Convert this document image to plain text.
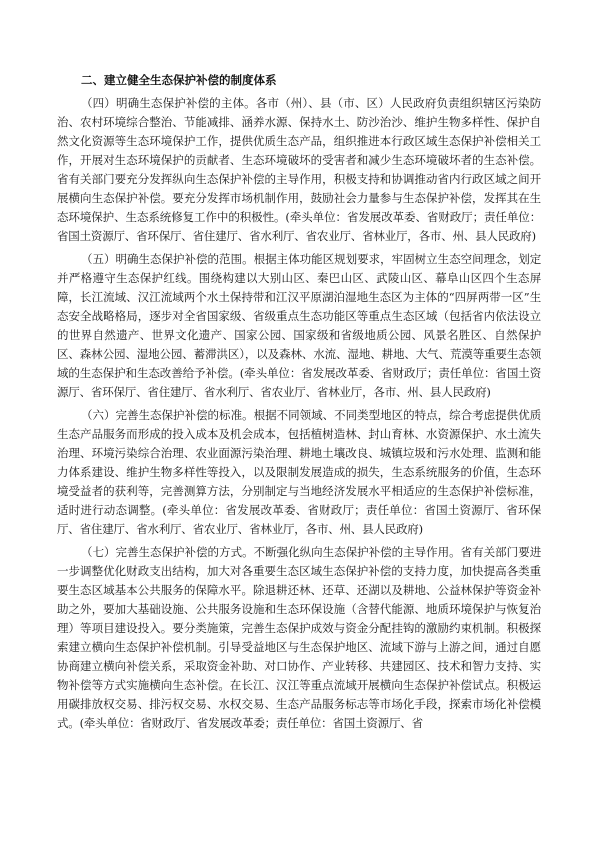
二、建立健全生态保护补偿的制度体系

（四）明确生态保护补偿的主体。各市（州）、县（市、区）人民政府负责组织辖区污染防治、农村环境综合整治、节能减排、涵养水源、保持水土、防沙治沙、维护生物多样性、保护自然文化资源等生态环境保护工作，提供优质生态产品，组织推进本行政区域生态保护补偿相关工作，开展对生态环境保护的贡献者、生态环境破坏的受害者和减少生态环境破坏者的生态补偿。省有关部门要充分发挥纵向生态保护补偿的主导作用，积极支持和协调推动省内行政区域之间开展横向生态保护补偿。要充分发挥市场机制作用，鼓励社会力量参与生态保护补偿，发挥其在生态环境保护、生态系统修复工作中的积极性。(牵头单位：省发展改革委、省财政厅；责任单位：省国土资源厅、省环保厅、省住建厅、省水利厅、省农业厅、省林业厅，各市、州、县人民政府)

（五）明确生态保护补偿的范围。根据主体功能区规划要求，牢固树立生态空间理念，划定并严格遵守生态保护红线。围绕构建以大别山区、秦巴山区、武陵山区、幕阜山区四个生态屏障，长江流域、汉江流域两个水土保持带和江汉平原湖泊湿地生态区为主体的“四屏两带一区”生态安全战略格局，逐步对全省国家级、省级重点生态功能区等重点生态区域（包括省内依法设立的世界自然遗产、世界文化遗产、国家公园、国家级和省级地质公园、风景名胜区、自然保护区、森林公园、湿地公园、蓄滞洪区），以及森林、水流、湿地、耕地、大气、荒漠等重要生态领域的生态保护和生态改善给予补偿。(牵头单位：省发展改革委、省财政厅；责任单位：省国土资源厅、省环保厅、省住建厅、省水利厅、省农业厅、省林业厅，各市、州、县人民政府)

（六）完善生态保护补偿的标准。根据不同领域、不同类型地区的特点，综合考虑提供优质生态产品服务而形成的投入成本及机会成本，包括植树造林、封山育林、水资源保护、水土流失治理、环境污染综合治理、农业面源污染治理、耕地土壤改良、城镇垃圾和污水处理、监测和能力体系建设、维护生物多样性等投入，以及限制发展造成的损失，生态系统服务的价值，生态环境受益者的获利等，完善测算方法，分别制定与当地经济发展水平相适应的生态保护补偿标准，适时进行动态调整。(牵头单位：省发展改革委、省财政厅；责任单位：省国土资源厅、省环保厅、省住建厅、省水利厅、省农业厅、省林业厅，各市、州、县人民政府)

（七）完善生态保护补偿的方式。不断强化纵向生态保护补偿的主导作用。省有关部门要进一步调整优化财政支出结构，加大对各重要生态区域生态保护补偿的支持力度，加快提高各类重要生态区域基本公共服务的保障水平。除退耕还林、还草、还湖以及耕地、公益林保护等资金补助之外，要加大基础设施、公共服务设施和生态环保设施（含替代能源、地质环境保护与恢复治理）等项目建设投入。要分类施策，完善生态保护成效与资金分配挂钩的激励约束机制。积极探索建立横向生态保护补偿机制。引导受益地区与生态保护地区、流域下游与上游之间，通过自愿协商建立横向补偿关系，采取资金补助、对口协作、产业转移、共建园区、技术和智力支持、实物补偿等方式实施横向生态补偿。在长江、汉江等重点流域开展横向生态保护补偿试点。积极运用碳排放权交易、排污权交易、水权交易、生态产品服务标志等市场化手段，探索市场化补偿模式。(牵头单位：省财政厅、省发展改革委；责任单位：省国土资源厅、省
